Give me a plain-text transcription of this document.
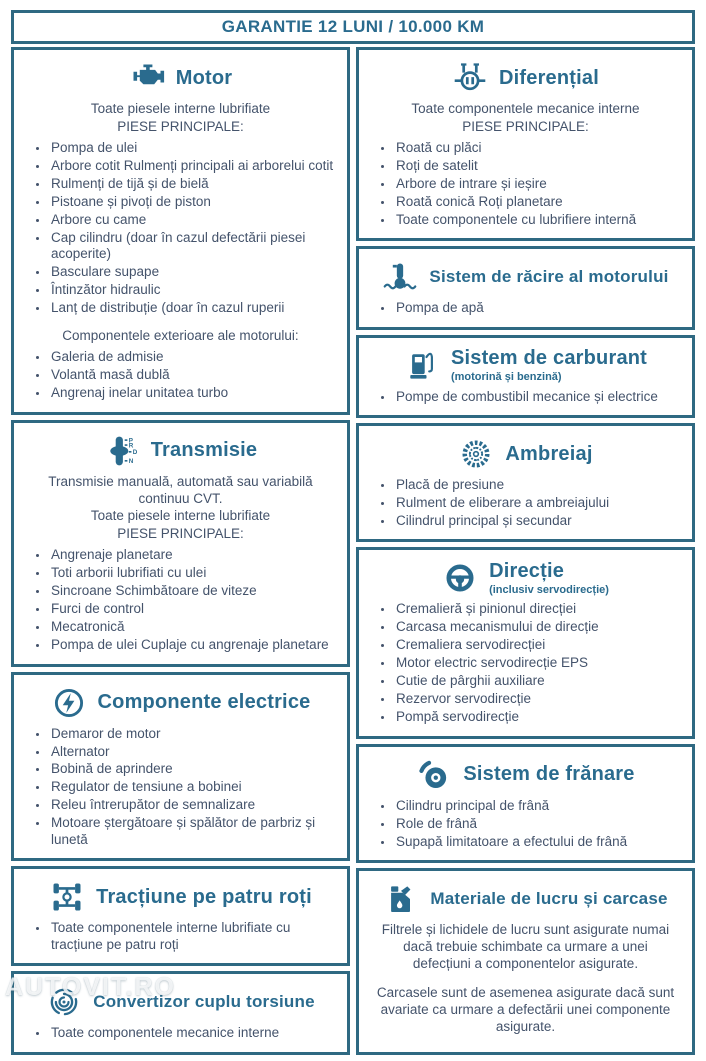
GARANTIE 12 LUNI / 10.000 KM
Motor
Toate piesele interne lubrifiate
PIESE PRINCIPALE:
• Pompa de ulei
• Arbore cotit Rulmenți principali ai arborelui cotit
• Rulmenți de tijă și de bielă
• Pistoane și pivoți de piston
• Arbore cu came
• Cap cilindru (doar în cazul defectării piesei acoperite)
• Basculare supape
• Întinzător hidraulic
• Lanț de distribuție (doar în cazul ruperii
Componentele exterioare ale motorului:
• Galeria de admisie
• Volantă masă dublă
• Angrenaj inelar unitatea turbo
Transmisie
Transmisie manuală, automată sau variabilă continuu CVT.
Toate piesele interne lubrifiate
PIESE PRINCIPALE:
• Angrenaje planetare
• Toti arborii lubrifiati cu ulei
• Sincroane Schimbătoare de viteze
• Furci de control
• Mecatronică
• Pompa de ulei Cuplaje cu angrenaje planetare
Componente electrice
• Demaror de motor
• Alternator
• Bobină de aprindere
• Regulator de tensiune a bobinei
• Releu întrerupător de semnalizare
• Motoare ștergătoare și spălător de parbriz și lunetă
Tracțiune pe patru roți
• Toate componentele interne lubrifiate cu tracțiune pe patru roți
Convertizor cuplu torsiune
• Toate componentele mecanice interne
Diferențial
Toate componentele mecanice interne
PIESE PRINCIPALE:
• Roată cu plăci
• Roți de satelit
• Arbore de intrare și ieșire
• Roată conică Roți planetare
• Toate componentele cu lubrifiere internă
Sistem de răcire al motorului
• Pompa de apă
Sistem de carburant
(motorină și benzină)
• Pompe de combustibil mecanice și electrice
Ambreiaj
• Placă de presiune
• Rulment de eliberare a ambreiajului
• Cilindrul principal și secundar
Direcție
(inclusiv servodirecție)
• Cremalieră și pinionul direcției
• Carcasa mecanismului de direcție
• Cremaliera servodirecției
• Motor electric servodirecție EPS
• Cutie de pârghii auxiliare
• Rezervor servodirecție
• Pompă servodirecție
Sistem de frănare
• Cilindru principal de frână
• Role de frână
• Supapă limitatoare a efectului de frână
Materiale de lucru și carcase
Filtrele și lichidele de lucru sunt asigurate numai dacă trebuie schimbate ca urmare a unei defecțiuni a componentelor asigurate.
Carcasele sunt de asemenea asigurate dacă sunt avariate ca urmare a defectării unei componente asigurate.
AUTOVIT.RO
